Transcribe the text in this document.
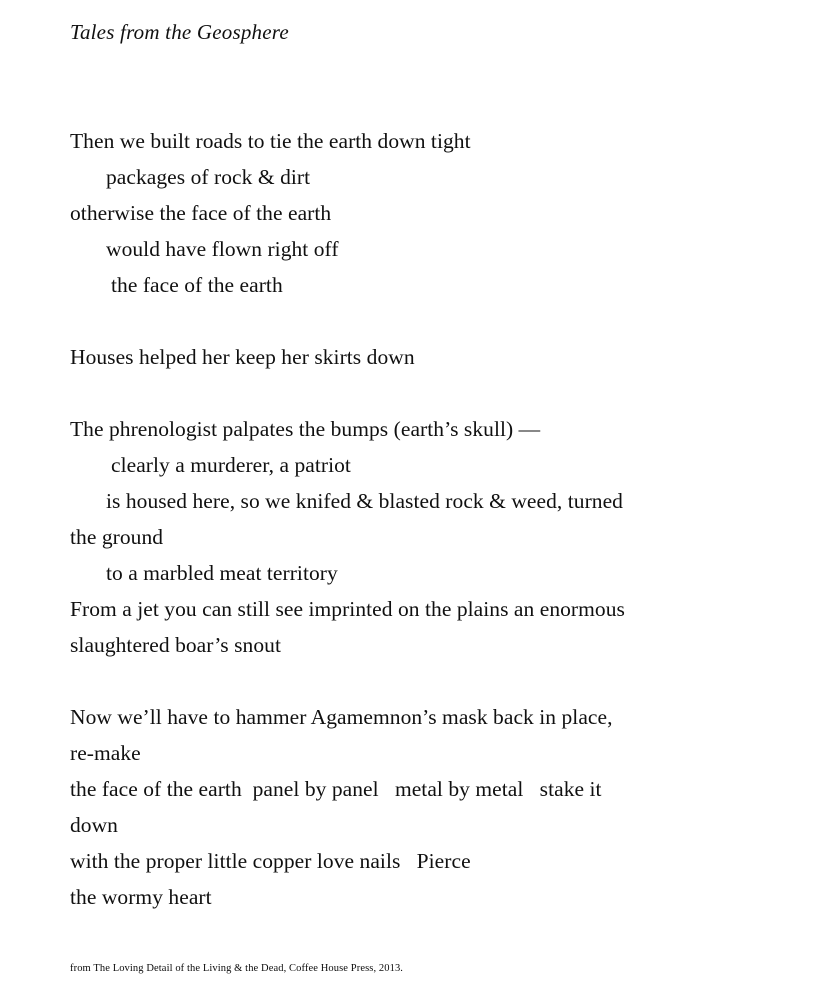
Tales from the Geosphere
Then we built roads to tie the earth down tight
packages of rock & dirt
otherwise the face of the earth
would have flown right off
the face of the earth

Houses helped her keep her skirts down

The phrenologist palpates the bumps (earth’s skull) —
clearly a murderer, a patriot
is housed here, so we knifed & blasted rock & weed, turned
the ground
to a marbled meat territory
From a jet you can still see imprinted on the plains an enormous
slaughtered boar’s snout

Now we’ll have to hammer Agamemnon’s mask back in place,
re-make
the face of the earth  panel by panel   metal by metal   stake it
down
with the proper little copper love nails   Pierce
the wormy heart
from The Loving Detail of the Living & the Dead, Coffee House Press, 2013.
